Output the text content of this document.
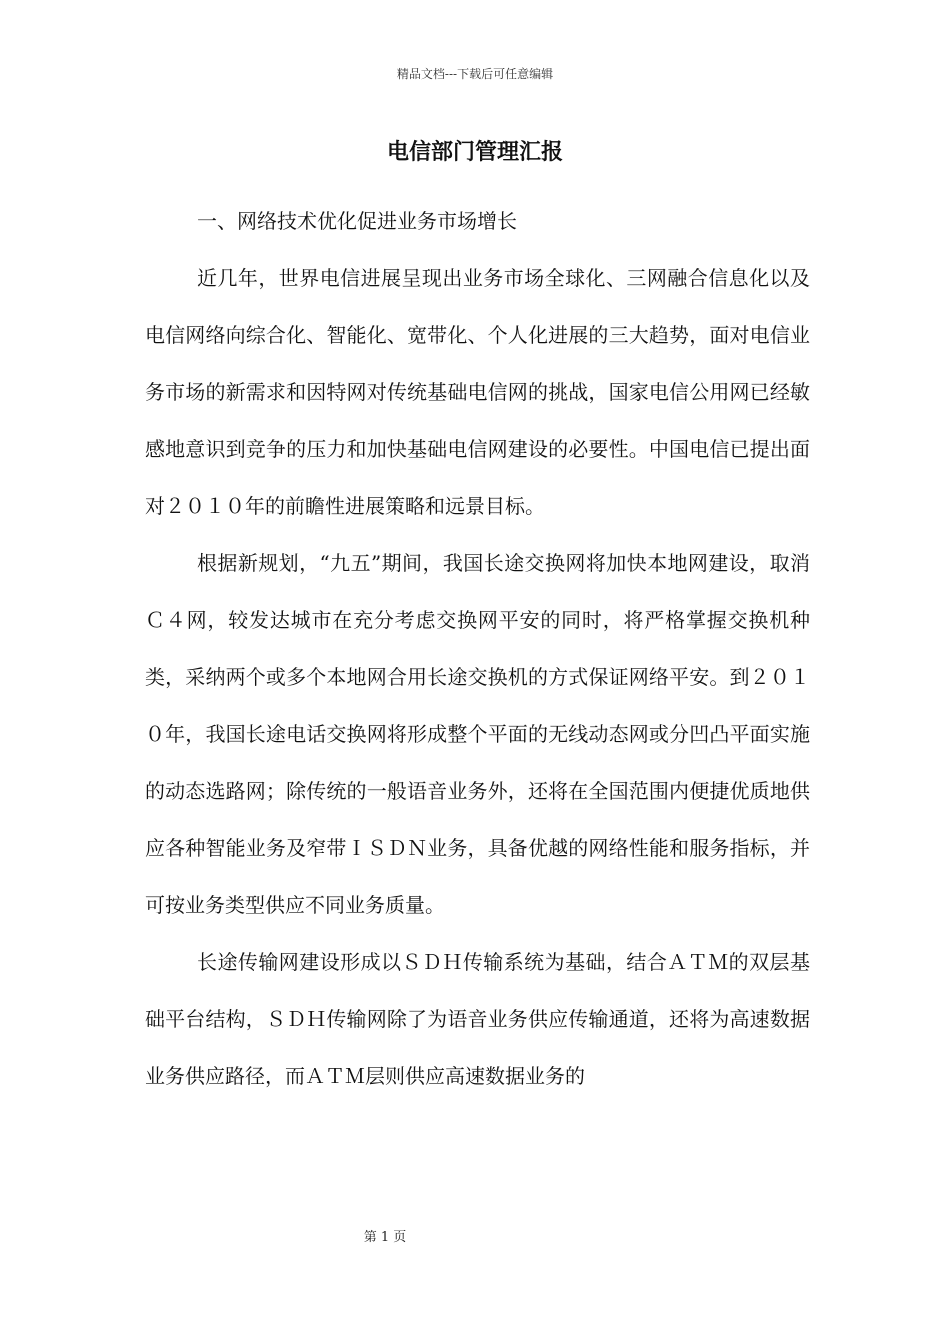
精品文档---下载后可任意编辑
电信部门管理汇报

一、网络技术优化促进业务市场增长

近几年，世界电信进展呈现出业务市场全球化、三网融合信息化以及电信网络向综合化、智能化、宽带化、个人化进展的三大趋势，面对电信业务市场的新需求和因特网对传统基础电信网的挑战，国家电信公用网已经敏感地意识到竞争的压力和加快基础电信网建设的必要性。中国电信已提出面对２０１０年的前瞻性进展策略和远景目标。

根据新规划，“九五”期间，我国长途交换网将加快本地网建设，取消Ｃ４网，较发达城市在充分考虑交换网平安的同时，将严格掌握交换机种类，采纳两个或多个本地网合用长途交换机的方式保证网络平安。到２０１０年，我国长途电话交换网将形成整个平面的无线动态网或分凹凸平面实施的动态选路网；除传统的一般语音业务外，还将在全国范围内便捷优质地供应各种智能业务及窄带ＩＳＤＮ业务，具备优越的网络性能和服务指标，并可按业务类型供应不同业务质量。

长途传输网建设形成以ＳＤＨ传输系统为基础，结合ＡＴＭ的双层基础平台结构，ＳＤＨ传输网除了为语音业务供应传输通道，还将为高速数据业务供应路径，而ＡＴＭ层则供应高速数据业务的

第 1 页
